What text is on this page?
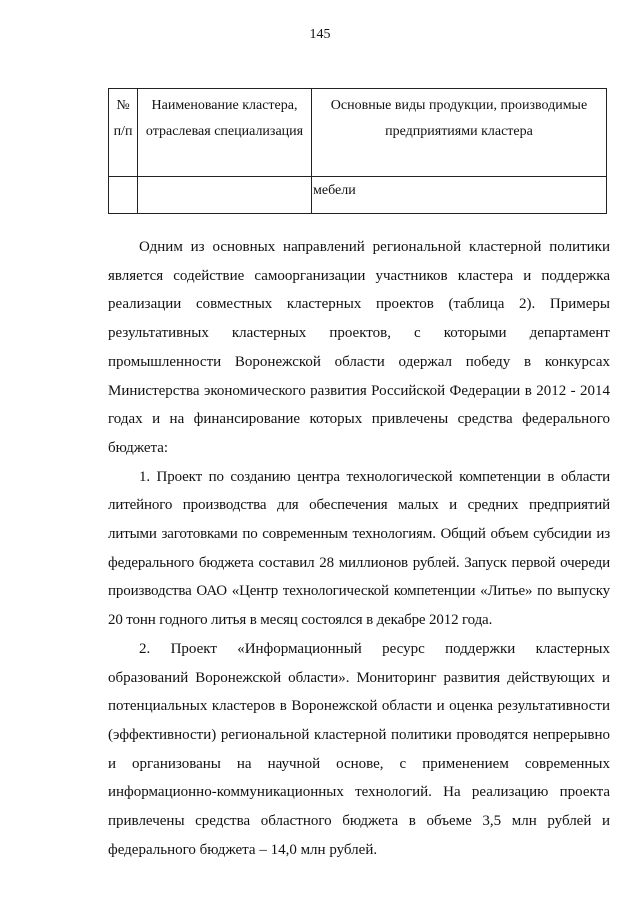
145
№ п/п	Наименование кластера, отраслевая специализация	Основные виды продукции, производимые предприятиями кластера

		мебели

Одним из основных направлений региональной кластерной политики является содействие самоорганизации участников кластера и поддержка реализации совместных кластерных проектов (таблица 2). Примеры результативных кластерных проектов, с которыми департамент промышленности Воронежской области одержал победу в конкурсах Министерства экономического развития Российской Федерации в 2012 - 2014 годах и на финансирование которых привлечены средства федерального бюджета:

1. Проект по созданию центра технологической компетенции в области литейного производства для обеспечения малых и средних предприятий литыми заготовками по современным технологиям. Общий объем субсидии из федерального бюджета составил 28 миллионов рублей. Запуск первой очереди производства ОАО «Центр технологической компетенции «Литье» по выпуску 20 тонн годного литья в месяц состоялся в декабре 2012 года.

2. Проект «Информационный ресурс поддержки кластерных образований Воронежской области». Мониторинг развития действующих и потенциальных кластеров в Воронежской области и оценка результативности (эффективности) региональной кластерной политики проводятся непрерывно и организованы на научной основе, с применением современных информационно-коммуникационных технологий. На реализацию проекта привлечены средства областного бюджета в объеме 3,5 млн рублей и федерального бюджета – 14,0 млн рублей.
